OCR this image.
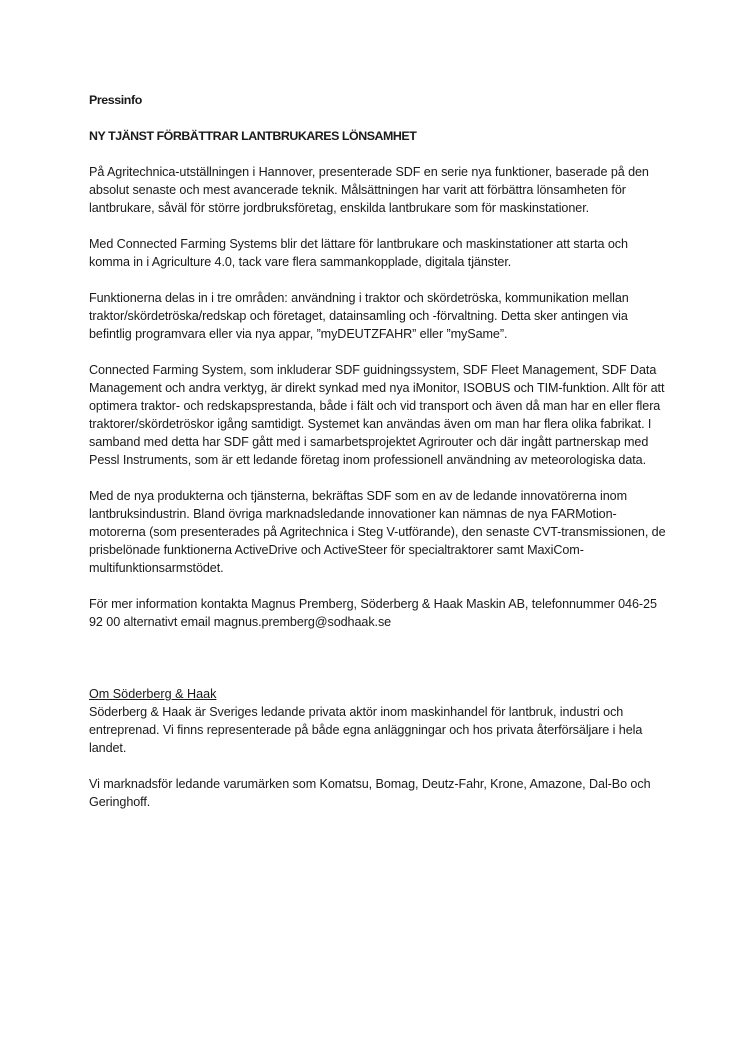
Pressinfo

NY TJÄNST FÖRBÄTTRAR LANTBRUKARES LÖNSAMHET

På Agritechnica-utställningen i Hannover, presenterade SDF en serie nya funktioner, baserade på den absolut senaste och mest avancerade teknik. Målsättningen har varit att förbättra lönsamheten för lantbrukare, såväl för större jordbruksföretag, enskilda lantbrukare som för maskinstationer.

Med Connected Farming Systems blir det lättare för lantbrukare och maskinstationer att starta och komma in i Agriculture 4.0, tack vare flera sammankopplade, digitala tjänster.

Funktionerna delas in i tre områden: användning i traktor och skördetröska, kommunikation mellan traktor/skördetröska/redskap och företaget, datainsamling och -förvaltning. Detta sker antingen via befintlig programvara eller via nya appar, ”myDEUTZFAHR” eller ”mySame”.

Connected Farming System, som inkluderar SDF guidningssystem, SDF Fleet Management, SDF Data Management och andra verktyg, är direkt synkad med nya iMonitor, ISOBUS och TIM-funktion. Allt för att optimera traktor- och redskapsprestanda, både i fält och vid transport och även då man har en eller flera traktorer/skördetröskor igång samtidigt. Systemet kan användas även om man har flera olika fabrikat. I samband med detta har SDF gått med i samarbetsprojektet Agrirouter och där ingått partnerskap med Pessl Instruments, som är ett ledande företag inom professionell användning av meteorologiska data.

Med de nya produkterna och tjänsterna, bekräftas SDF som en av de ledande innovatörerna inom lantbruksindustrin. Bland övriga marknadsledande innovationer kan nämnas de nya FARMotion-motorerna (som presenterades på Agritechnica i Steg V-utförande), den senaste CVT-transmissionen, de prisbelönade funktionerna ActiveDrive och ActiveSteer för specialtraktorer samt MaxiCom-multifunktionsarmstödet.

För mer information kontakta Magnus Premberg, Söderberg & Haak Maskin AB, telefonnummer 046-25 92 00 alternativt email magnus.premberg@sodhaak.se

Om Söderberg & Haak

Söderberg & Haak är Sveriges ledande privata aktör inom maskinhandel för lantbruk, industri och entreprenad. Vi finns representerade på både egna anläggningar och hos privata återförsäljare i hela landet.

Vi marknadsför ledande varumärken som Komatsu, Bomag, Deutz-Fahr, Krone, Amazone, Dal-Bo och Geringhoff.
